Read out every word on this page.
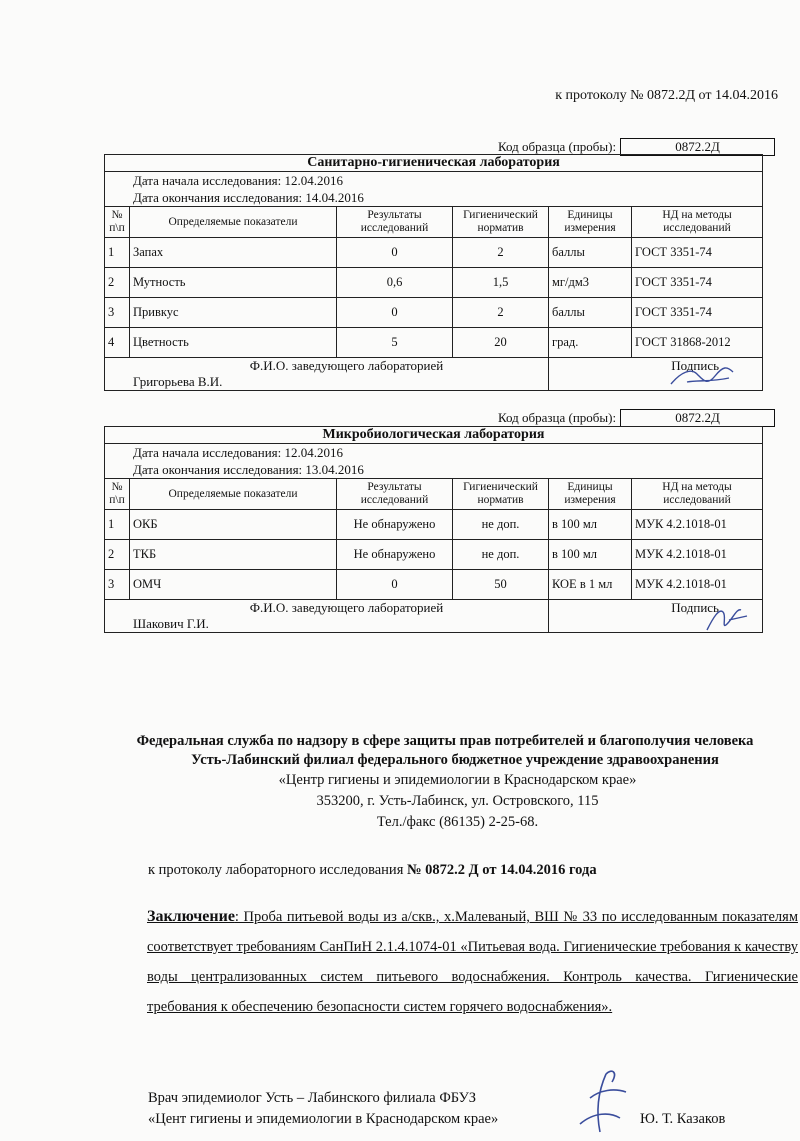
к протоколу № 0872.2Д от 14.04.2016
Код образца (пробы):	0872.2Д
Санитарно-гигиеническая лаборатория					

Дата начала исследования: 12.04.2016
Дата окончания исследования: 14.04.2016					

№ п\п	Определяемые показатели	Результаты исследований	Гигиенический норматив	Единицы измерения	НД на методы исследований
1	Запах	0	2	баллы	ГОСТ 3351-74
2	Мутность	0,6	1,5	мг/дм3	ГОСТ 3351-74
3	Привкус	0	2	баллы	ГОСТ 3351-74
4	Цветность	5	20	град.	ГОСТ 31868-2012

Ф.И.О. заведующего лабораторией
Григорьева В.И.				Подпись	
Код образца (пробы):	0872.2Д
Микробиологическая лаборатория					

Дата начала исследования: 12.04.2016
Дата окончания исследования: 13.04.2016					

№ п\п	Определяемые показатели	Результаты исследований	Гигиенический норматив	Единицы измерения	НД на методы исследований
1	ОКБ	Не обнаружено	не доп.	в 100 мл	МУК 4.2.1018-01
2	ТКБ	Не обнаружено	не доп.	в 100 мл	МУК 4.2.1018-01
3	ОМЧ	0	50	КОЕ в 1 мл	МУК 4.2.1018-01

Ф.И.О. заведующего лабораторией
Шакович Г.И.				Подпись	
Федеральная служба по надзору в сфере защиты прав потребителей и благополучия человека
Усть-Лабинский филиал федерального бюджетное учреждение здравоохранения
«Центр гигиены и эпидемиологии в Краснодарском крае»
353200, г. Усть-Лабинск, ул. Островского, 115
Тел./факс (86135) 2-25-68.
к протоколу лабораторного исследования № 0872.2 Д от 14.04.2016 года
Заключение: Проба питьевой воды из а/скв., х.Малеваный, ВШ № 33 по исследованным показателям соответствует требованиям СанПиН 2.1.4.1074-01 «Питьевая вода. Гигиенические требования к качеству воды централизованных систем питьевого водоснабжения. Контроль качества. Гигиенические требования к обеспечению безопасности систем горячего водоснабжения».
Врач эпидемиолог Усть – Лабинского филиала ФБУЗ
«Цент гигиены и эпидемиологии в Краснодарском крае»	Ю. Т. Казаков
